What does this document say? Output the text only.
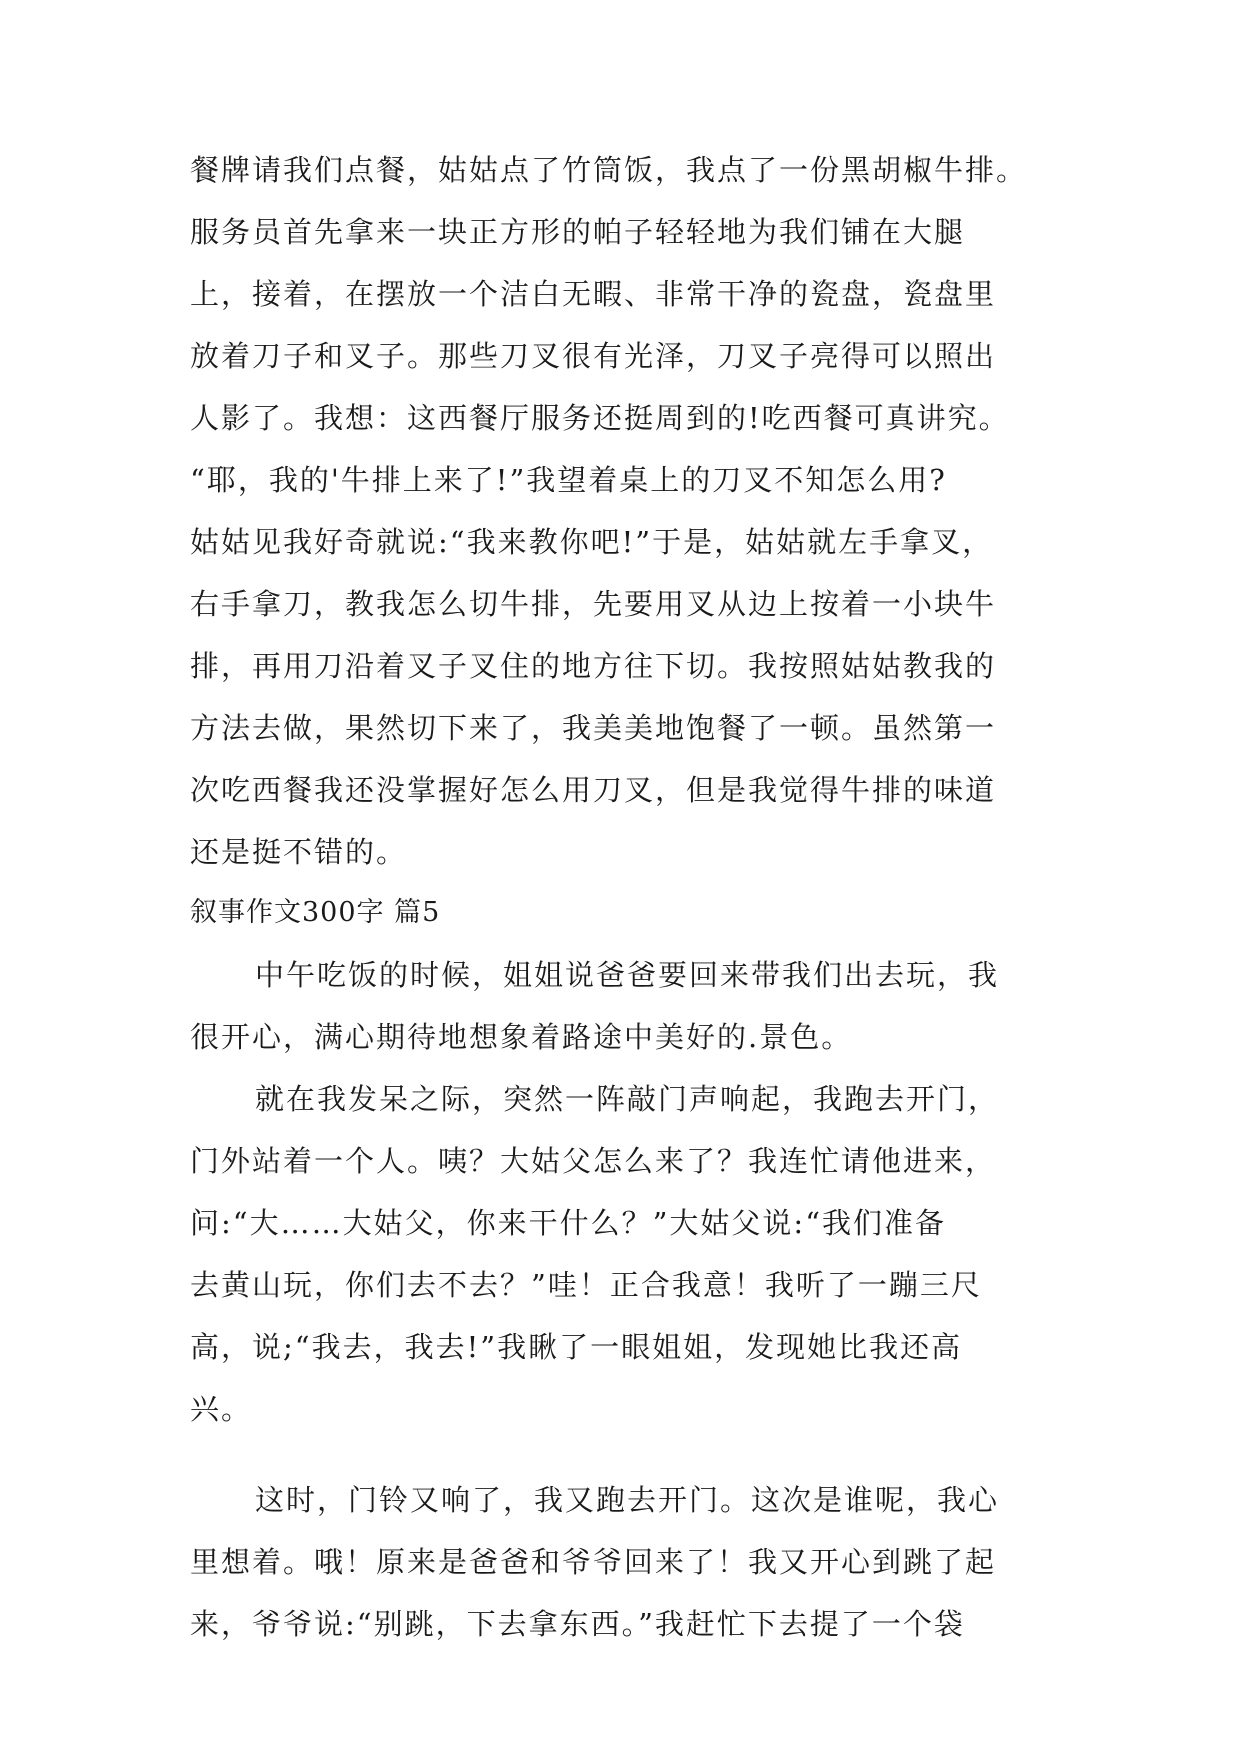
餐牌请我们点餐，姑姑点了竹筒饭，我点了一份黑胡椒牛排。
服务员首先拿来一块正方形的帕子轻轻地为我们铺在大腿
上，接着，在摆放一个洁白无暇、非常干净的瓷盘，瓷盘里
放着刀子和叉子。那些刀叉很有光泽，刀叉子亮得可以照出
人影了。我想：这西餐厅服务还挺周到的!吃西餐可真讲究。
“耶，我的'牛排上来了!”我望着桌上的刀叉不知怎么用?
姑姑见我好奇就说:“我来教你吧!”于是，姑姑就左手拿叉，
右手拿刀，教我怎么切牛排，先要用叉从边上按着一小块牛
排，再用刀沿着叉子叉住的地方往下切。我按照姑姑教我的
方法去做，果然切下来了，我美美地饱餐了一顿。虽然第一
次吃西餐我还没掌握好怎么用刀叉，但是我觉得牛排的味道
还是挺不错的。
叙事作文300字 篇5
中午吃饭的时候，姐姐说爸爸要回来带我们出去玩，我
很开心，满心期待地想象着路途中美好的.景色。
就在我发呆之际，突然一阵敲门声响起，我跑去开门，
门外站着一个人。咦？大姑父怎么来了？我连忙请他进来，
问:“大……大姑父，你来干什么？”大姑父说:“我们准备
去黄山玩，你们去不去？”哇！正合我意！我听了一蹦三尺
高，说;“我去，我去!”我瞅了一眼姐姐，发现她比我还高
兴。
这时，门铃又响了，我又跑去开门。这次是谁呢，我心
里想着。哦！原来是爸爸和爷爷回来了！我又开心到跳了起
来，爷爷说:“别跳，下去拿东西。”我赶忙下去提了一个袋
